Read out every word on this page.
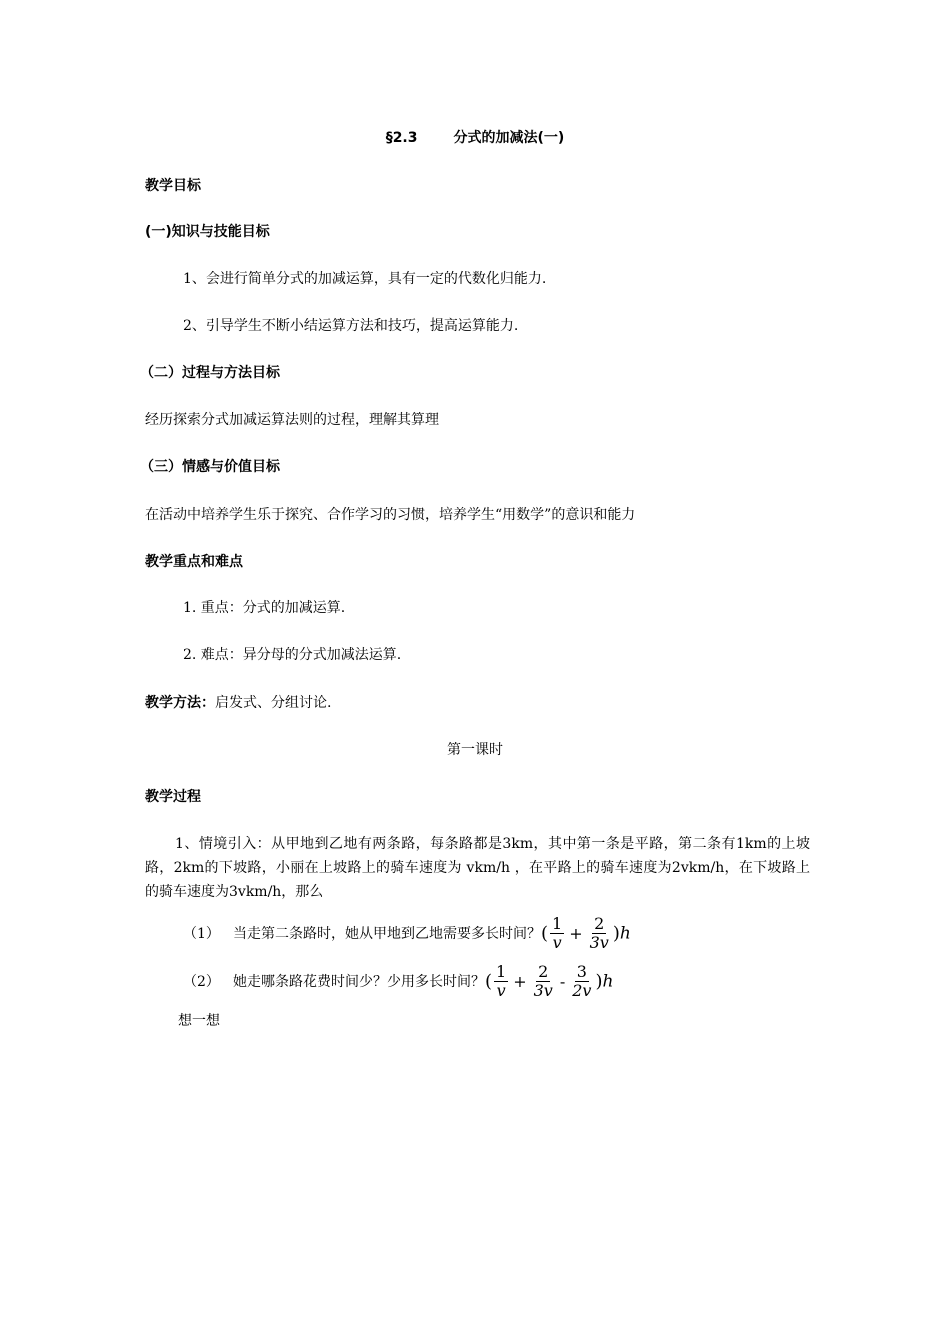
§2.3	分式的加减法(一)
教学目标
(一)知识与技能目标
1、会进行简单分式的加减运算，具有一定的代数化归能力.
2、引导学生不断小结运算方法和技巧，提高运算能力.
（二）过程与方法目标
经历探索分式加减运算法则的过程，理解其算理
（三）情感与价值目标
在活动中培养学生乐于探究、合作学习的习惯，培养学生“用数学”的意识和能力
教学重点和难点
1. 重点：分式的加减运算.
2. 难点：异分母的分式加减法运算.
教学方法：启发式、分组讨论.
第一课时
教学过程
1、情境引入：从甲地到乙地有两条路，每条路都是3km，其中第一条是平路，第二条有1km的上坡路，2km的下坡路，小丽在上坡路上的骑车速度为 vkm/h ，在平路上的骑车速度为2vkm/h，在下坡路上的骑车速度为3vkm/h，那么
（1） 当走第二条路时，她从甲地到乙地需要多长时间？ ( $\frac{1}{v} + \frac{2}{3v} )h$
（2） 她走哪条路花费时间少？少用多长时间？ ( $\frac{1}{v} + \frac{2}{3v} - \frac{3}{2v} )h$
想一想
